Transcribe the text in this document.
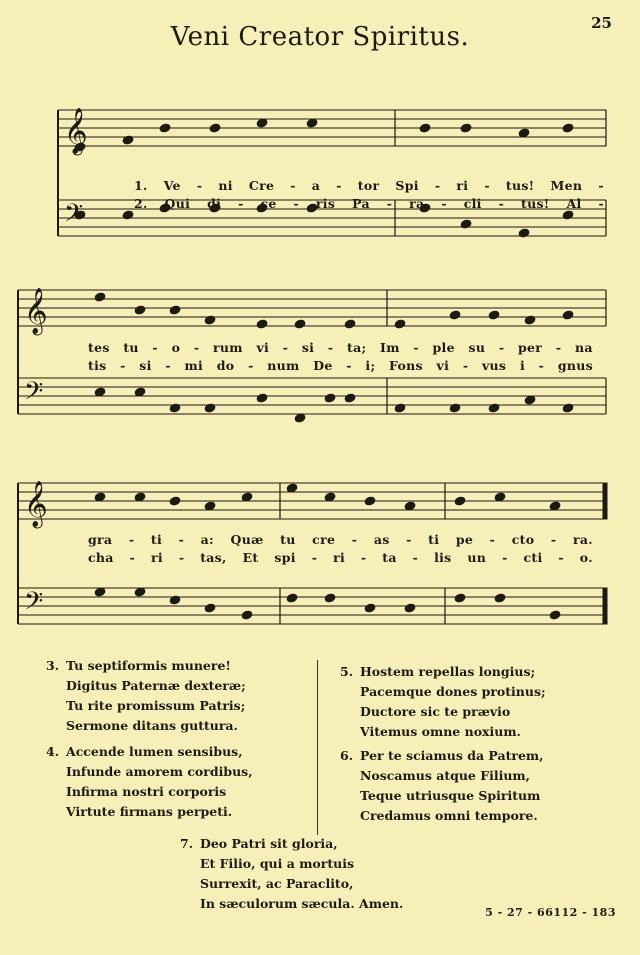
25
Veni Creator Spiritus.
𝄞
𝄢
𝄞
𝄢
𝄞
𝄢
1. Ve - ni Cre - a - tor Spi - ri - tus! Men -
2. Qui di - ce - ris Pa - ra - cli - tus! Al -
tes tu - o - rum vi - si - ta; Im - ple su - per - na
tis - si - mi do - num De - i; Fons vi - vus i - gnus
gra - ti - a: Quæ tu cre - as - ti pe - cto - ra.
cha - ri - tas, Et spi - ri - ta - lis un - cti - o.
3. Tu septiformis munere!
Digitus Paternæ dexteræ;
Tu rite promissum Patris;
Sermone ditans guttura.
4. Accende lumen sensibus,
Infunde amorem cordibus,
Infirma nostri corporis
Virtute firmans perpeti.
5. Hostem repellas longius;
Pacemque dones protinus;
Ductore sic te prævio
Vitemus omne noxium.
6. Per te sciamus da Patrem,
Noscamus atque Filium,
Teque utriusque Spiritum
Credamus omni tempore.
7. Deo Patri sit gloria,
Et Filio, qui a mortuis
Surrexit, ac Paraclito,
In sæculorum sæcula. Amen.
5 - 27 - 66112 - 183
